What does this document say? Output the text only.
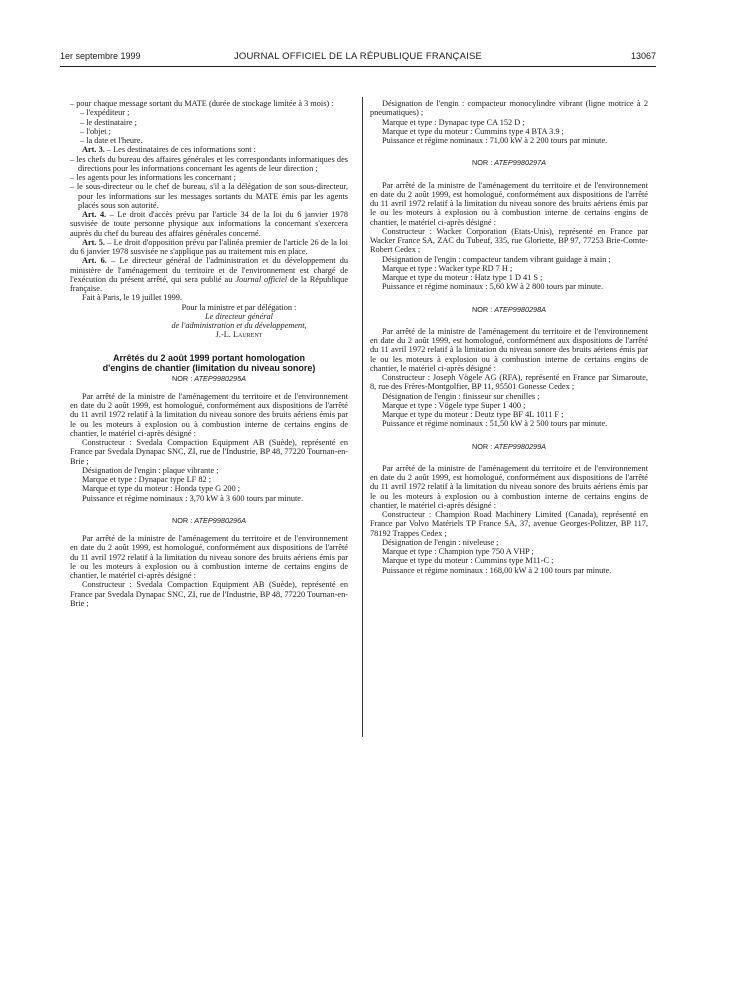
1er septembre 1999	JOURNAL OFFICIEL DE LA RÉPUBLIQUE FRANÇAISE	13067

– pour chaque message sortant du MATE (durée de stockage limitée à 3 mois) :

– l'expéditeur ;

– le destinataire ;

– l'objet ;

– la date et l'heure.

Art. 3. – Les destinataires de ces informations sont :

– les chefs du bureau des affaires générales et les correspondants informatiques des directions pour les informations concernant les agents de leur direction ;

– les agents pour les informations les concernant ;

– le sous-directeur ou le chef de bureau, s'il a la délégation de son sous-directeur, pour les informations sur les messages sortants du MATE émis par les agents placés sous son autorité.

Art. 4. – Le droit d'accès prévu par l'article 34 de la loi du 6 janvier 1978 susvisée de toute personne physique aux informations la concernant s'exercera auprès du chef du bureau des affaires générales concerné.

Art. 5. – Le droit d'opposition prévu par l'alinéa premier de l'article 26 de la loi du 6 janvier 1978 susvisée ne s'applique pas au traitement mis en place.

Art. 6. – Le directeur général de l'administration et du développement du ministère de l'aménagement du territoire et de l'environnement est chargé de l'exécution du présent arrêté, qui sera publié au Journal officiel de la République française.

Fait à Paris, le 19 juillet 1999.

Pour la ministre et par délégation :

Le directeur général

de l'administration et du développement,

J.-L. Laurent

Arrêtés du 2 août 1999 portant homologation

d'engins de chantier (limitation du niveau sonore)

NOR : ATEP9980295A

Par arrêté de la ministre de l'aménagement du territoire et de l'environnement en date du 2 août 1999, est homologué, conformément aux dispositions de l'arrêté du 11 avril 1972 relatif à la limitation du niveau sonore des bruits aériens émis par le ou les moteurs à explosion ou à combustion interne de certains engins de chantier, le matériel ci-après désigné :

Constructeur : Svedala Compaction Equipment AB (Suède), représenté en France par Svedala Dynapac SNC, ZI, rue de l'Industrie, BP 48, 77220 Tournan-en-Brie ;

Désignation de l'engin : plaque vibrante ;

Marque et type : Dynapac type LF 82 ;

Marque et type du moteur : Honda type G 200 ;

Puissance et régime nominaux : 3,70 kW à 3 600 tours par minute.

NOR : ATEP9980296A

Par arrêté de la ministre de l'aménagement du territoire et de l'environnement en date du 2 août 1999, est homologué, conformément aux dispositions de l'arrêté du 11 avril 1972 relatif à la limitation du niveau sonore des bruits aériens émis par le ou les moteurs à explosion ou à combustion interne de certains engins de chantier, le matériel ci-après désigné :

Constructeur : Svedala Compaction Equipment AB (Suède), représenté en France par Svedala Dynapac SNC, ZI, rue de l'Industrie, BP 48, 77220 Tournan-en-Brie ;

Désignation de l'engin : compacteur monocylindre vibrant (ligne motrice à 2 pneumatiques) ;

Marque et type : Dynapac type CA 152 D ;

Marque et type du moteur : Cummins type 4 BTA 3.9 ;

Puissance et régime nominaux : 71,00 kW à 2 200 tours par minute.

NOR : ATEP9980297A

Par arrêté de la ministre de l'aménagement du territoire et de l'environnement en date du 2 août 1999, est homologué, conformément aux dispositions de l'arrêté du 11 avril 1972 relatif à la limitation du niveau sonore des bruits aériens émis par le ou les moteurs à explosion ou à combustion interne de certains engins de chantier, le matériel ci-après désigné :

Constructeur : Wacker Corporation (Etats-Unis), représenté en France par Wacker France SA, ZAC du Tubeuf, 335, rue Gloriette, BP 97, 77253 Brie-Comte-Robert Cedex ;

Désignation de l'engin : compacteur tandem vibrant guidage à main ;

Marque et type : Wacker type RD 7 H ;

Marque et type du moteur : Hatz type 1 D 41 S ;

Puissance et régime nominaux : 5,60 kW à 2 800 tours par minute.

NOR : ATEP9980298A

Par arrêté de la ministre de l'aménagement du territoire et de l'environnement en date du 2 août 1999, est homologué, conformément aux dispositions de l'arrêté du 11 avril 1972 relatif à la limitation du niveau sonore des bruits aériens émis par le ou les moteurs à explosion ou à combustion interne de certains engins de chantier, le matériel ci-après désigné :

Constructeur : Joseph Vögele AG (RFA), représenté en France par Simaroute, 8, rue des Frères-Montgolfier, BP 11, 95501 Gonesse Cedex ;

Désignation de l'engin : finisseur sur chenilles ;

Marque et type : Vögele type Super 1 400 ;

Marque et type du moteur : Deutz type BF 4L 1011 F ;

Puissance et régime nominaux : 51,50 kW à 2 500 tours par minute.

NOR : ATEP9980299A

Par arrêté de la ministre de l'aménagement du territoire et de l'environnement en date du 2 août 1999, est homologué, conformément aux dispositions de l'arrêté du 11 avril 1972 relatif à la limitation du niveau sonore des bruits aériens émis par le ou les moteurs à explosion ou à combustion interne de certains engins de chantier, le matériel ci-après désigné :

Constructeur : Champion Road Machinery Limited (Canada), représenté en France par Volvo Matériels TP France SA, 37, avenue Georges-Politzer, BP 117, 78192 Trappes Cedex ;

Désignation de l'engin : niveleuse ;

Marque et type : Champion type 750 A VHP ;

Marque et type du moteur : Cummins type M11-C ;

Puissance et régime nominaux : 168,00 kW à 2 100 tours par minute.
